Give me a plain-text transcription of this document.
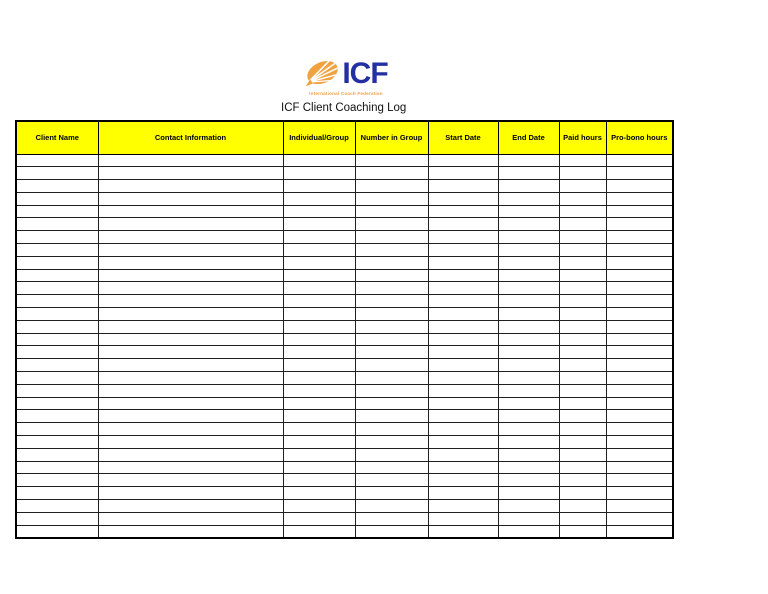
ICF
International Coach Federation
ICF Client Coaching Log
Client Name	Contact Information	Individual/Group	Number in Group	Start Date	End Date	Paid hours	Pro-bono hours
